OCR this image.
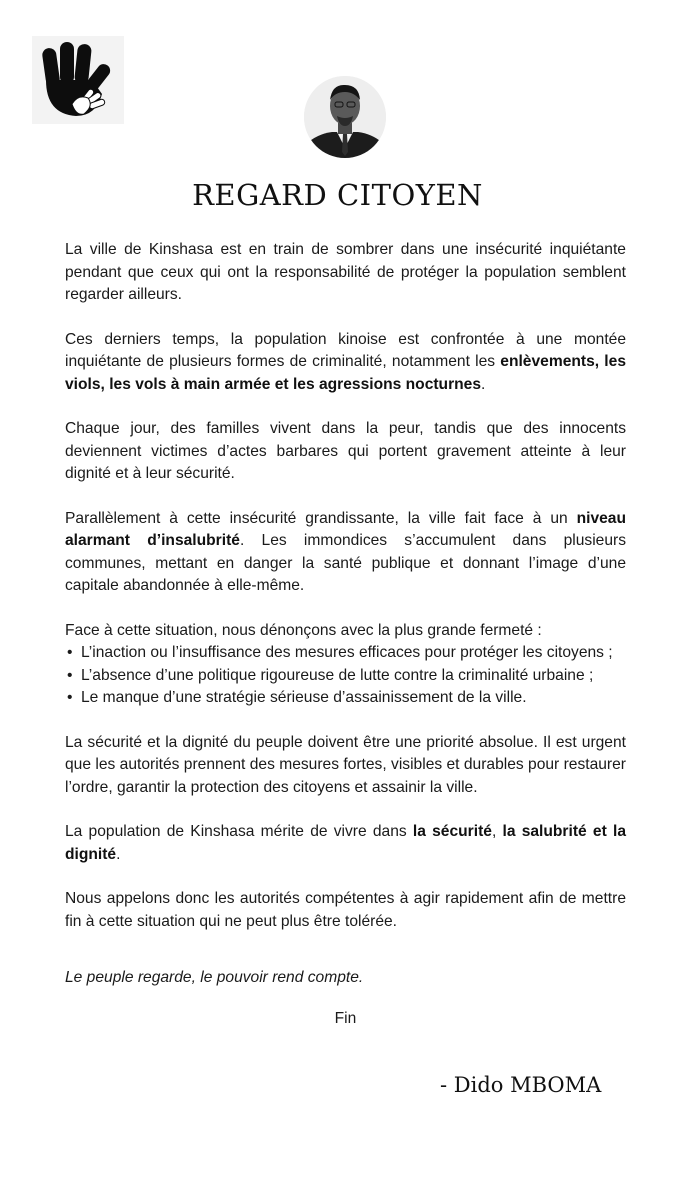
REGARD CITOYEN

La ville de Kinshasa est en train de sombrer dans une insécurité inquiétante pendant que ceux qui ont la responsabilité de protéger la population semblent regarder ailleurs.

Ces derniers temps, la population kinoise est confrontée à une montée inquiétante de plusieurs formes de criminalité, notamment les enlèvements, les viols, les vols à main armée et les agressions nocturnes.

Chaque jour, des familles vivent dans la peur, tandis que des innocents deviennent victimes d’actes barbares qui portent gravement atteinte à leur dignité et à leur sécurité.

Parallèlement à cette insécurité grandissante, la ville fait face à un niveau alarmant d’insalubrité. Les immondices s’accumulent dans plusieurs communes, mettant en danger la santé publique et donnant l’image d’une capitale abandonnée à elle-même.

Face à cette situation, nous dénonçons avec la plus grande fermeté :

• L’inaction ou l’insuffisance des mesures efficaces pour protéger les citoyens ;
• L’absence d’une politique rigoureuse de lutte contre la criminalité urbaine ;
• Le manque d’une stratégie sérieuse d’assainissement de la ville.

La sécurité et la dignité du peuple doivent être une priorité absolue. Il est urgent que les autorités prennent des mesures fortes, visibles et durables pour restaurer l’ordre, garantir la protection des citoyens et assainir la ville.

La population de Kinshasa mérite de vivre dans la sécurité, la salubrité et la dignité.

Nous appelons donc les autorités compétentes à agir rapidement afin de mettre fin à cette situation qui ne peut plus être tolérée.

Le peuple regarde, le pouvoir rend compte.

Fin

- Dido MBOMA
